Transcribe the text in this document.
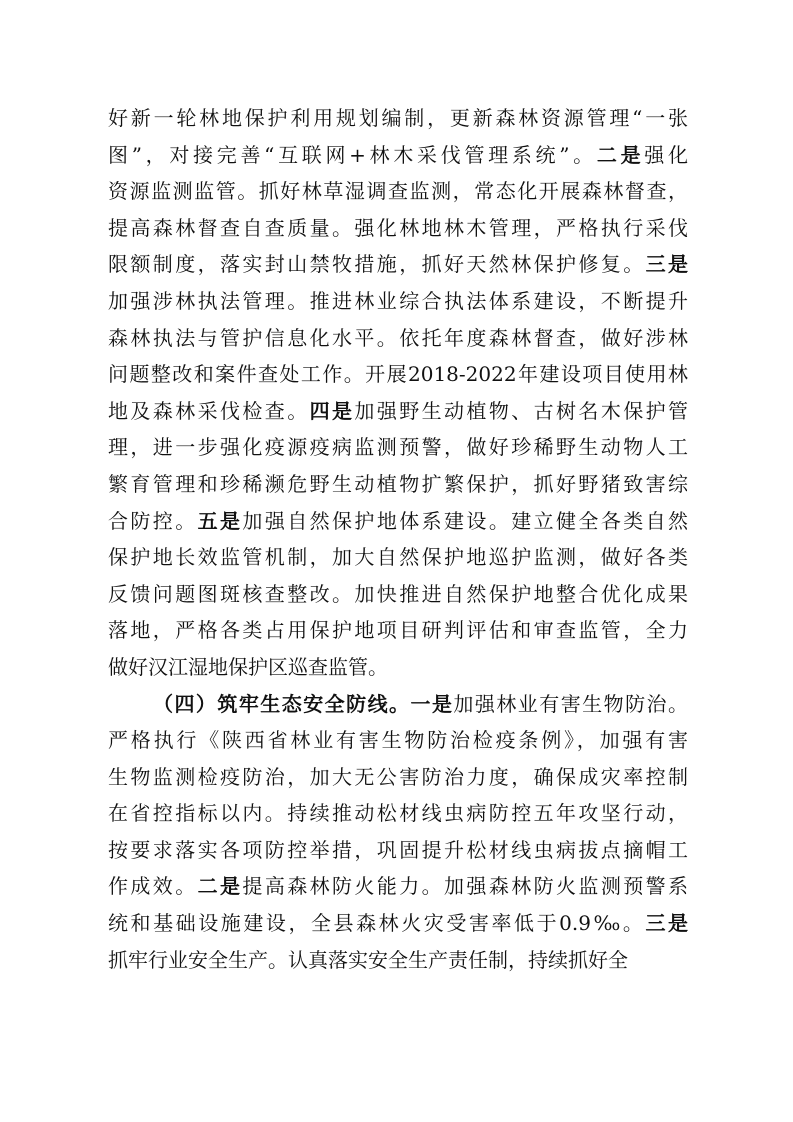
好新一轮林地保护利用规划编制，更新森林资源管理“一张
图”，对接完善“互联网+林木采伐管理系统”。二是强化
资源监测监管。抓好林草湿调查监测，常态化开展森林督查，
提高森林督查自查质量。强化林地林木管理，严格执行采伐
限额制度，落实封山禁牧措施，抓好天然林保护修复。三是
加强涉林执法管理。推进林业综合执法体系建设，不断提升
森林执法与管护信息化水平。依托年度森林督查，做好涉林
问题整改和案件查处工作。开展2018-2022年建设项目使用林
地及森林采伐检查。四是加强野生动植物、古树名木保护管
理，进一步强化疫源疫病监测预警，做好珍稀野生动物人工
繁育管理和珍稀濒危野生动植物扩繁保护，抓好野猪致害综
合防控。五是加强自然保护地体系建设。建立健全各类自然
保护地长效监管机制，加大自然保护地巡护监测，做好各类
反馈问题图斑核查整改。加快推进自然保护地整合优化成果
落地，严格各类占用保护地项目研判评估和审查监管，全力
做好汉江湿地保护区巡查监管。
（四）筑牢生态安全防线。一是加强林业有害生物防治。
严格执行《陕西省林业有害生物防治检疫条例》，加强有害
生物监测检疫防治，加大无公害防治力度，确保成灾率控制
在省控指标以内。持续推动松材线虫病防控五年攻坚行动，
按要求落实各项防控举措，巩固提升松材线虫病拔点摘帽工
作成效。二是提高森林防火能力。加强森林防火监测预警系
统和基础设施建设，全县森林火灾受害率低于0.9‰。三是
抓牢行业安全生产。认真落实安全生产责任制，持续抓好全
